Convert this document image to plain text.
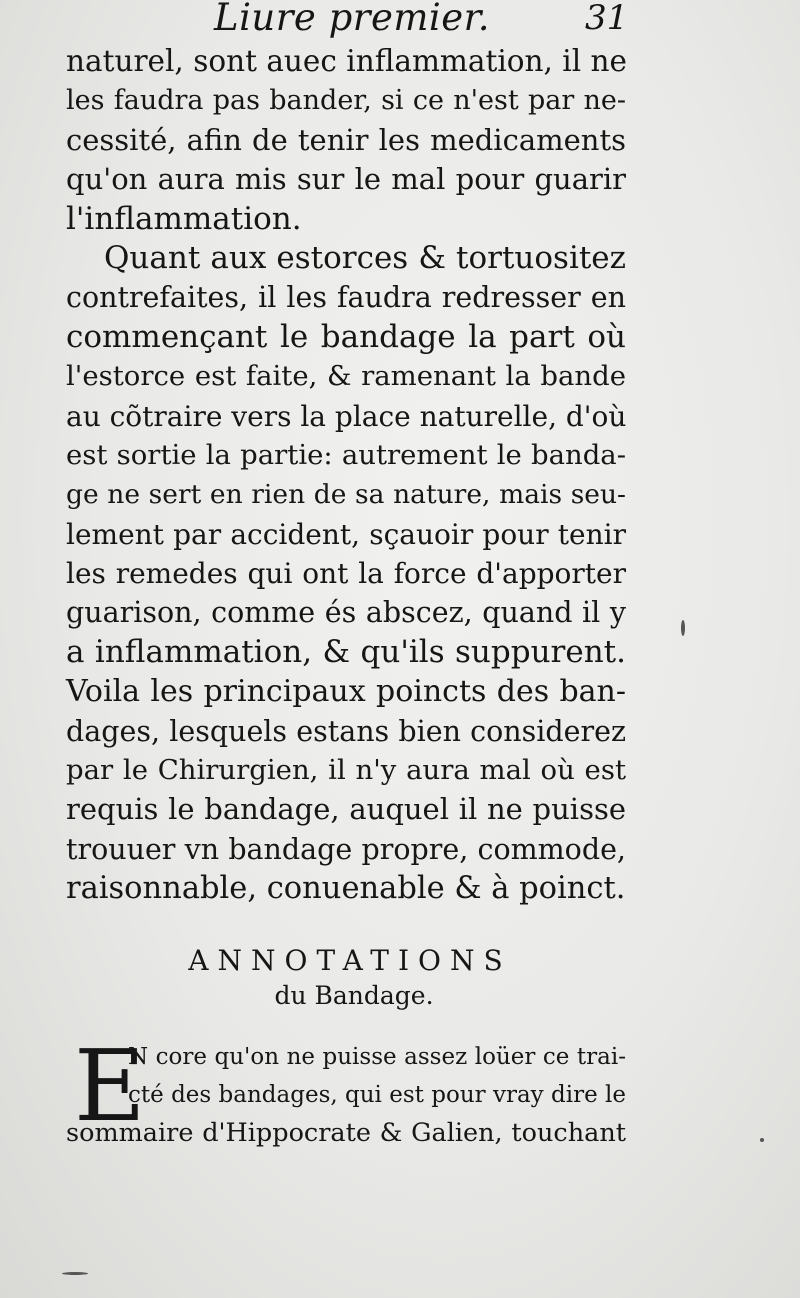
Liure premier.	31
naturel, sont auec inflammation, il ne
les faudra pas bander, si ce n'est par ne-
cessité, afin de tenir les medicaments
qu'on aura mis sur le mal pour guarir
l'inflammation.
Quant aux estorces & tortuositez
contrefaites, il les faudra redresser en
commençant le bandage la part où
l'estorce est faite, & ramenant la bande
au cõtraire vers la place naturelle, d'où
est sortie la partie: autrement le banda-
ge ne sert en rien de sa nature, mais seu-
lement par accident, sçauoir pour tenir
les remedes qui ont la force d'apporter
guarison, comme és abscez, quand il y
a inflammation, & qu'ils suppurent.
Voila les principaux poincts des ban-
dages, lesquels estans bien considerez
par le Chirurgien, il n'y aura mal où est
requis le bandage, auquel il ne puisse
trouuer vn bandage propre, commode,
raisonnable, conuenable & à poinct.
ANNOTATIONS
du Bandage.
E
N core qu'on ne puisse assez loüer ce trai-
cté des bandages, qui est pour vray dire le
sommaire d'Hippocrate & Galien, touchant
